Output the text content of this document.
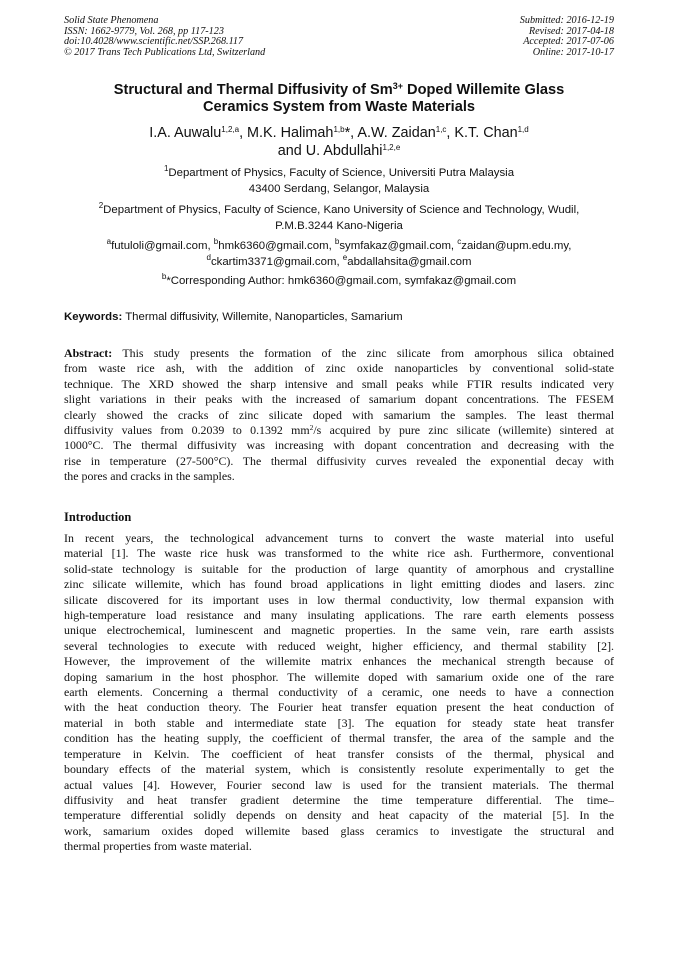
Solid State Phenomena
ISSN: 1662-9779, Vol. 268, pp 117-123
doi:10.4028/www.scientific.net/SSP.268.117
© 2017 Trans Tech Publications Ltd, Switzerland
Submitted: 2016-12-19
Revised: 2017-04-18
Accepted: 2017-07-06
Online: 2017-10-17
Structural and Thermal Diffusivity of $Sm^{3+}$ Doped Willemite Glass
Ceramics System from Waste Materials
I.A. Auwalu$^{1,2,a}$, M.K. Halimah$^{1,b}$*, A.W. Zaidan$^{1,c}$, K.T. Chan$^{1,d}$
and U. Abdullahi$^{1,2,e}$
$^1$Department of Physics, Faculty of Science, Universiti Putra Malaysia
43400 Serdang, Selangor, Malaysia
$^2$Department of Physics, Faculty of Science, Kano University of Science and Technology, Wudil,
P.M.B.3244 Kano-Nigeria
$^a$futuloli@gmail.com, $^b$hmk6360@gmail.com, $^b$symfakaz@gmail.com, $^c$zaidan@upm.edu.my,
$^d$ckartim3371@gmail.com, $^e$abdallahsita@gmail.com
$^b$*Corresponding Author: hmk6360@gmail.com, symfakaz@gmail.com
Keywords: Thermal diffusivity, Willemite, Nanoparticles, Samarium
Abstract: This study presents the formation of the zinc silicate from amorphous silica obtained
from waste rice ash, with the addition of zinc oxide nanoparticles by conventional solid-state
technique. The XRD showed the sharp intensive and small peaks while FTIR results indicated very
slight variations in their peaks with the increased of samarium dopant concentrations. The FESEM
clearly showed the cracks of zinc silicate doped with samarium the samples. The least thermal
diffusivity values from 0.2039 to 0.1392 $mm^2/s$ acquired by pure zinc silicate (willemite) sintered at
1000°C. The thermal diffusivity was increasing with dopant concentration and decreasing with the
rise in temperature (27-500°C). The thermal diffusivity curves revealed the exponential decay with
the pores and cracks in the samples.
Introduction
In recent years, the technological advancement turns to convert the waste material into useful
material [1]. The waste rice husk was transformed to the white rice ash. Furthermore, conventional
solid-state technology is suitable for the production of large quantity of amorphous and crystalline
zinc silicate willemite, which has found broad applications in light emitting diodes and lasers. zinc
silicate discovered for its important uses in low thermal conductivity, low thermal expansion with
high-temperature load resistance and many insulating applications. The rare earth elements possess
unique electrochemical, luminescent and magnetic properties. In the same vein, rare earth assists
several technologies to execute with reduced weight, higher efficiency, and thermal stability [2].
However, the improvement of the willemite matrix enhances the mechanical strength because of
doping samarium in the host phosphor. The willemite doped with samarium oxide one of the rare
earth elements. Concerning a thermal conductivity of a ceramic, one needs to have a connection
with the heat conduction theory. The Fourier heat transfer equation present the heat conduction of
material in both stable and intermediate state [3]. The equation for steady state heat transfer
condition has the heating supply, the coefficient of thermal transfer, the area of the sample and the
temperature in Kelvin. The coefficient of heat transfer consists of the thermal, physical and
boundary effects of the material system, which is consistently resolute experimentally to get the
actual values [4]. However, Fourier second law is used for the transient materials. The thermal
diffusivity and heat transfer gradient determine the time temperature differential. The time–
temperature differential solidly depends on density and heat capacity of the material [5]. In the
work, samarium oxides doped willemite based glass ceramics to investigate the structural and
thermal properties from waste material.
